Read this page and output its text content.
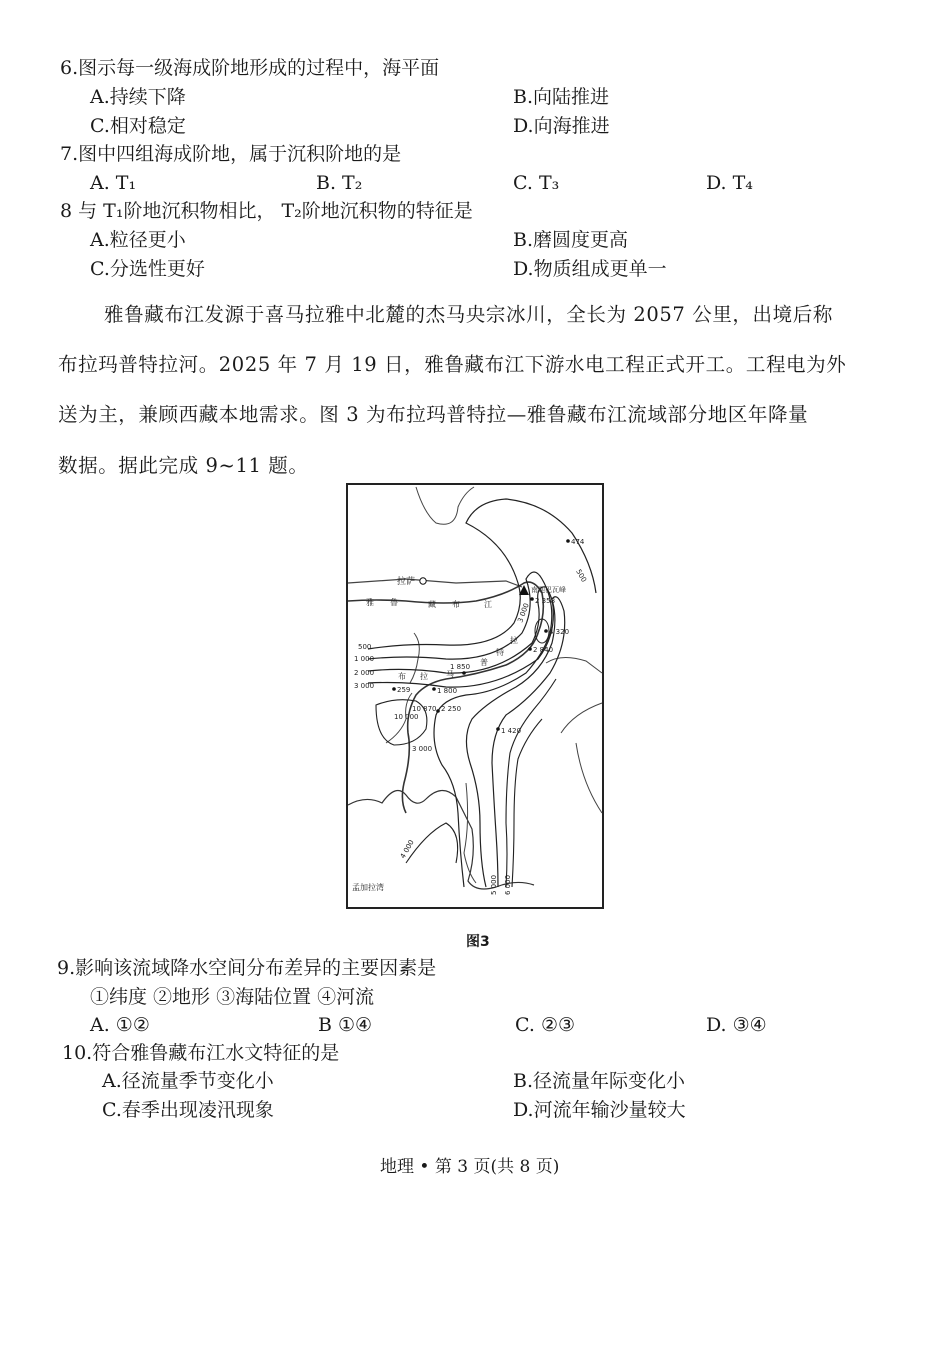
6.图示每一级海成阶地形成的过程中，海平面
A.持续下降	B.向陆推进
C.相对稳定	D.向海推进
7.图中四组海成阶地，属于沉积阶地的是
A. T₁	B. T₂	C. T₃	D. T₄
8 与 T₁阶地沉积物相比， T₂阶地沉积物的特征是
A.粒径更小	B.磨圆度更高
C.分选性更好	D.物质组成更单一
雅鲁藏布江发源于喜马拉雅中北麓的杰马央宗冰川，全长为 2057 公里，出境后称
布拉玛普特拉河。2025 年 7 月 19 日，雅鲁藏布江下游水电工程正式开工。工程电为外
送为主，兼顾西藏本地需求。图 3 为布拉玛普特拉—雅鲁藏布江流域部分地区年降量
数据。据此完成 9~11 题。
拉萨
南迦巴瓦峰
孟加拉湾
雅 鲁	藏 布	江
布 拉 马
普
特
拉
500
1 000
2 000
3 000
3 000
3 000
4 000
500
10 000
5 000 6 000
474
2 358
4 320
2 840
1 850
1 800
259
10 870 2 250
1 420
图3
9.影响该流域降水空间分布差异的主要因素是
①纬度 ②地形 ③海陆位置 ④河流
A. ①②	B ①④	C. ②③	D. ③④
10.符合雅鲁藏布江水文特征的是
A.径流量季节变化小	B.径流量年际变化小
C.春季出现凌汛现象	D.河流年输沙量较大
地理 • 第 3 页(共 8 页)
